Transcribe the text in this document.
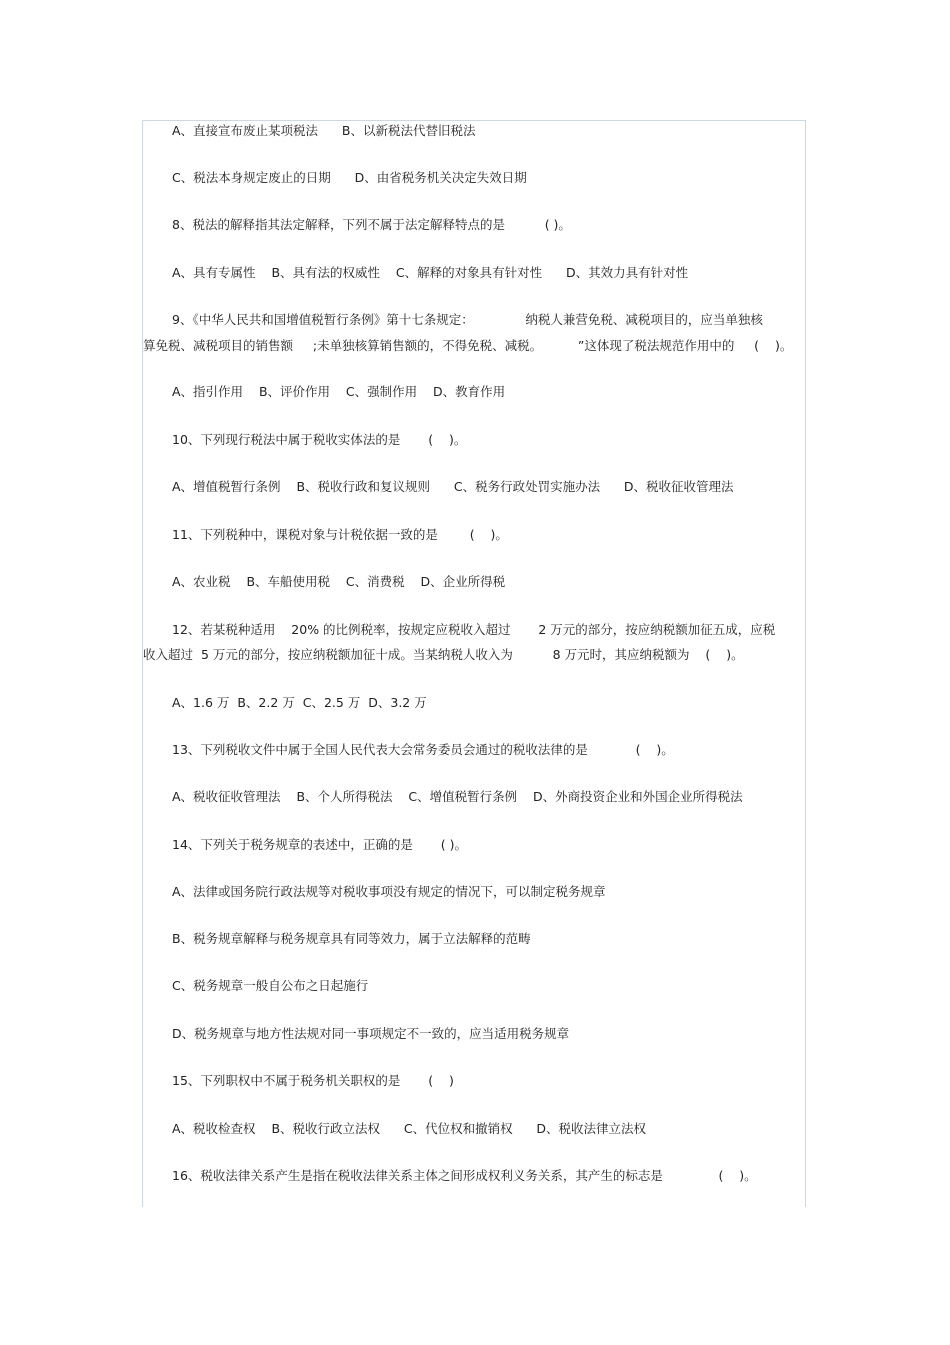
A、直接宣布废止某项税法      B、以新税法代替旧税法
C、税法本身规定废止的日期      D、由省税务机关决定失效日期
8、税法的解释指其法定解释，下列不属于法定解释特点的是          ( )。
A、具有专属性    B、具有法的权威性    C、解释的对象具有针对性      D、其效力具有针对性
9、《中华人民共和国增值税暂行条例》第十七条规定：             纳税人兼营免税、减税项目的，应当单独核
算免税、减税项目的销售额     ;未单独核算销售额的，不得免税、减税。         ”这体现了税法规范作用中的     (    )。
A、指引作用    B、评价作用    C、强制作用    D、教育作用
10、下列现行税法中属于税收实体法的是       (    )。
A、增值税暂行条例    B、税收行政和复议规则      C、税务行政处罚实施办法      D、税收征收管理法
11、下列税种中，课税对象与计税依据一致的是        (    )。
A、农业税    B、车船使用税    C、消费税    D、企业所得税
12、若某税种适用    20% 的比例税率，按规定应税收入超过       2 万元的部分，按应纳税额加征五成，应税
收入超过  5 万元的部分，按应纳税额加征十成。当某纳税人收入为          8 万元时，其应纳税额为    (    )。
A、1.6 万  B、2.2 万  C、2.5 万  D、3.2 万
13、下列税收文件中属于全国人民代表大会常务委员会通过的税收法律的是            (    )。
A、税收征收管理法    B、个人所得税法    C、增值税暂行条例    D、外商投资企业和外国企业所得税法
14、下列关于税务规章的表述中，正确的是       ( )。
A、法律或国务院行政法规等对税收事项没有规定的情况下，可以制定税务规章
B、税务规章解释与税务规章具有同等效力，属于立法解释的范畴
C、税务规章一般自公布之日起施行
D、税务规章与地方性法规对同一事项规定不一致的，应当适用税务规章
15、下列职权中不属于税务机关职权的是       (    )
A、税收检查权    B、税收行政立法权      C、代位权和撤销权      D、税收法律立法权
16、税收法律关系产生是指在税收法律关系主体之间形成权利义务关系，其产生的标志是              (    )。
